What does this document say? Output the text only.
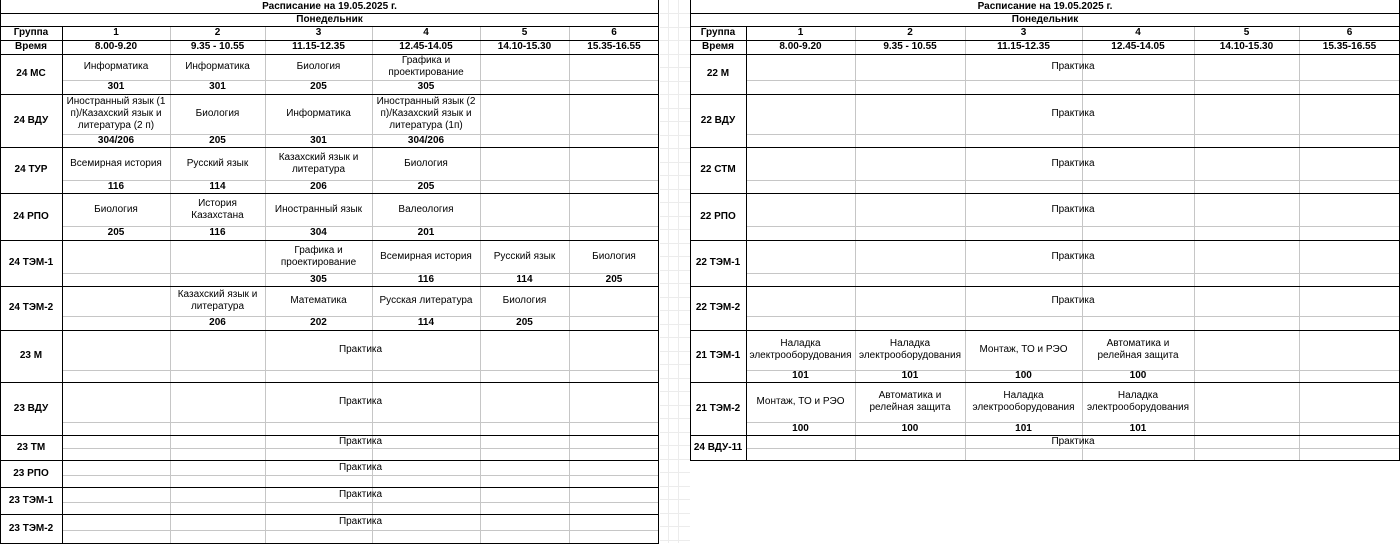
Расписание на 19.05.2025 г.
Понедельник
Группа
Время
1
8.00-9.20
2
9.35 - 10.55
3
11.15-12.35
4
12.45-14.05
5
14.10-15.30
6
15.35-16.55
24 МС
Информатика
301
Информатика
301
Биология
205
Графика и
проектирование
305
24 ВДУ
Иностранный язык (1
п)/Казахский язык и
литература (2 п)
304/206
Биология
205
Информатика
301
Иностранный язык (2
п)/Казахский язык и
литература (1п)
304/206
24 ТУР
Всемирная история
116
Русский язык
114
Казахский язык и
литература
206
Биология
205
24 РПО
Биология
205
История
Казахстана
116
Иностранный язык
304
Валеология
201
24 ТЭМ-1
Графика и
проектирование
305
Всемирная история
116
Русский язык
114
Биология
205
24 ТЭМ-2
Казахский язык и
литература
206
Математика
202
Русская литература
114
Биология
205
23 М
Практика
23 ВДУ
Практика
23 ТМ
Практика
23 РПО
Практика
23 ТЭМ-1
Практика
23 ТЭМ-2
Практика
Расписание на 19.05.2025 г.
Понедельник
Группа
Время
1
8.00-9.20
2
9.35 - 10.55
3
11.15-12.35
4
12.45-14.05
5
14.10-15.30
6
15.35-16.55
22 М
Практика
22 ВДУ
Практика
22 СТМ
Практика
22 РПО
Практика
22 ТЭМ-1
Практика
22 ТЭМ-2
Практика
21 ТЭМ-1
Наладка
электрооборудования
101
Наладка
электрооборудования
101
Монтаж, ТО и РЭО
100
Автоматика и
релейная защита
100
21 ТЭМ-2
Монтаж, ТО и РЭО
100
Автоматика и
релейная защита
100
Наладка
электрооборудования
101
Наладка
электрооборудования
101
24 ВДУ-11
Практика
